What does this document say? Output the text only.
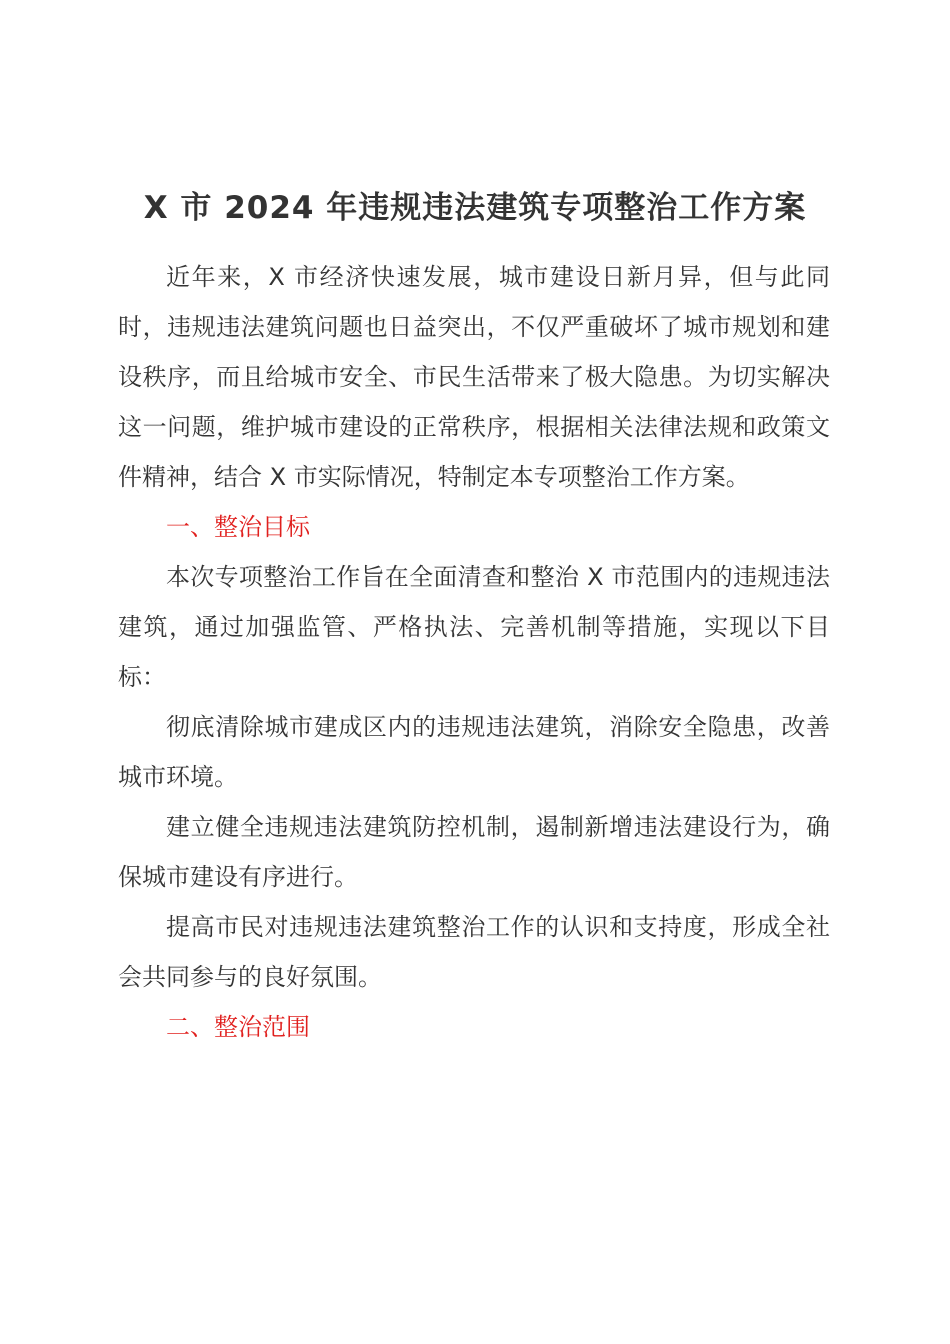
X 市 2024 年违规违法建筑专项整治工作方案

近年来，X 市经济快速发展，城市建设日新月异，但与此同时，违规违法建筑问题也日益突出，不仅严重破坏了城市规划和建设秩序，而且给城市安全、市民生活带来了极大隐患。为切实解决这一问题，维护城市建设的正常秩序，根据相关法律法规和政策文件精神，结合 X 市实际情况，特制定本专项整治工作方案。

一、整治目标

本次专项整治工作旨在全面清查和整治 X 市范围内的违规违法建筑，通过加强监管、严格执法、完善机制等措施，实现以下目标：

彻底清除城市建成区内的违规违法建筑，消除安全隐患，改善城市环境。

建立健全违规违法建筑防控机制，遏制新增违法建设行为，确保城市建设有序进行。

提高市民对违规违法建筑整治工作的认识和支持度，形成全社会共同参与的良好氛围。

二、整治范围
